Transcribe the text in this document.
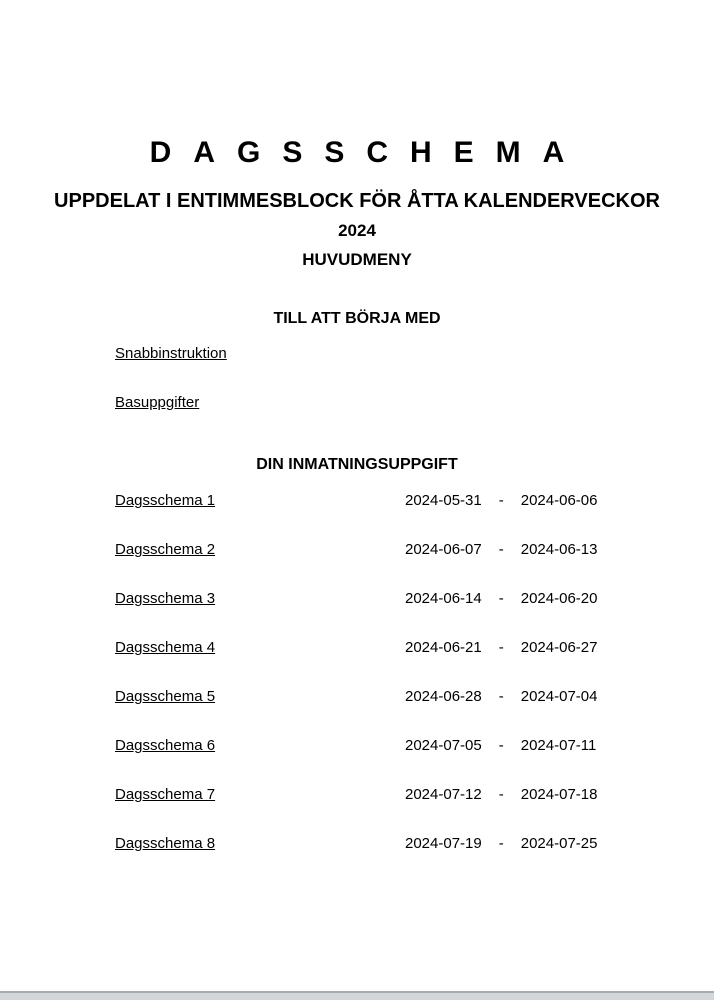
DAGSSCHEMA
UPPDELAT I ENTIMMESBLOCK FÖR ÅTTA KALENDERVECKOR
2024
HUVUDMENY
TILL ATT BÖRJA MED
Snabbinstruktion
Basuppgifter
DIN INMATNINGSUPPGIFT
Dagsschema 1	2024-05-31 - 2024-06-06
Dagsschema 2	2024-06-07 - 2024-06-13
Dagsschema 3	2024-06-14 - 2024-06-20
Dagsschema 4	2024-06-21 - 2024-06-27
Dagsschema 5	2024-06-28 - 2024-07-04
Dagsschema 6	2024-07-05 - 2024-07-11
Dagsschema 7	2024-07-12 - 2024-07-18
Dagsschema 8	2024-07-19 - 2024-07-25
